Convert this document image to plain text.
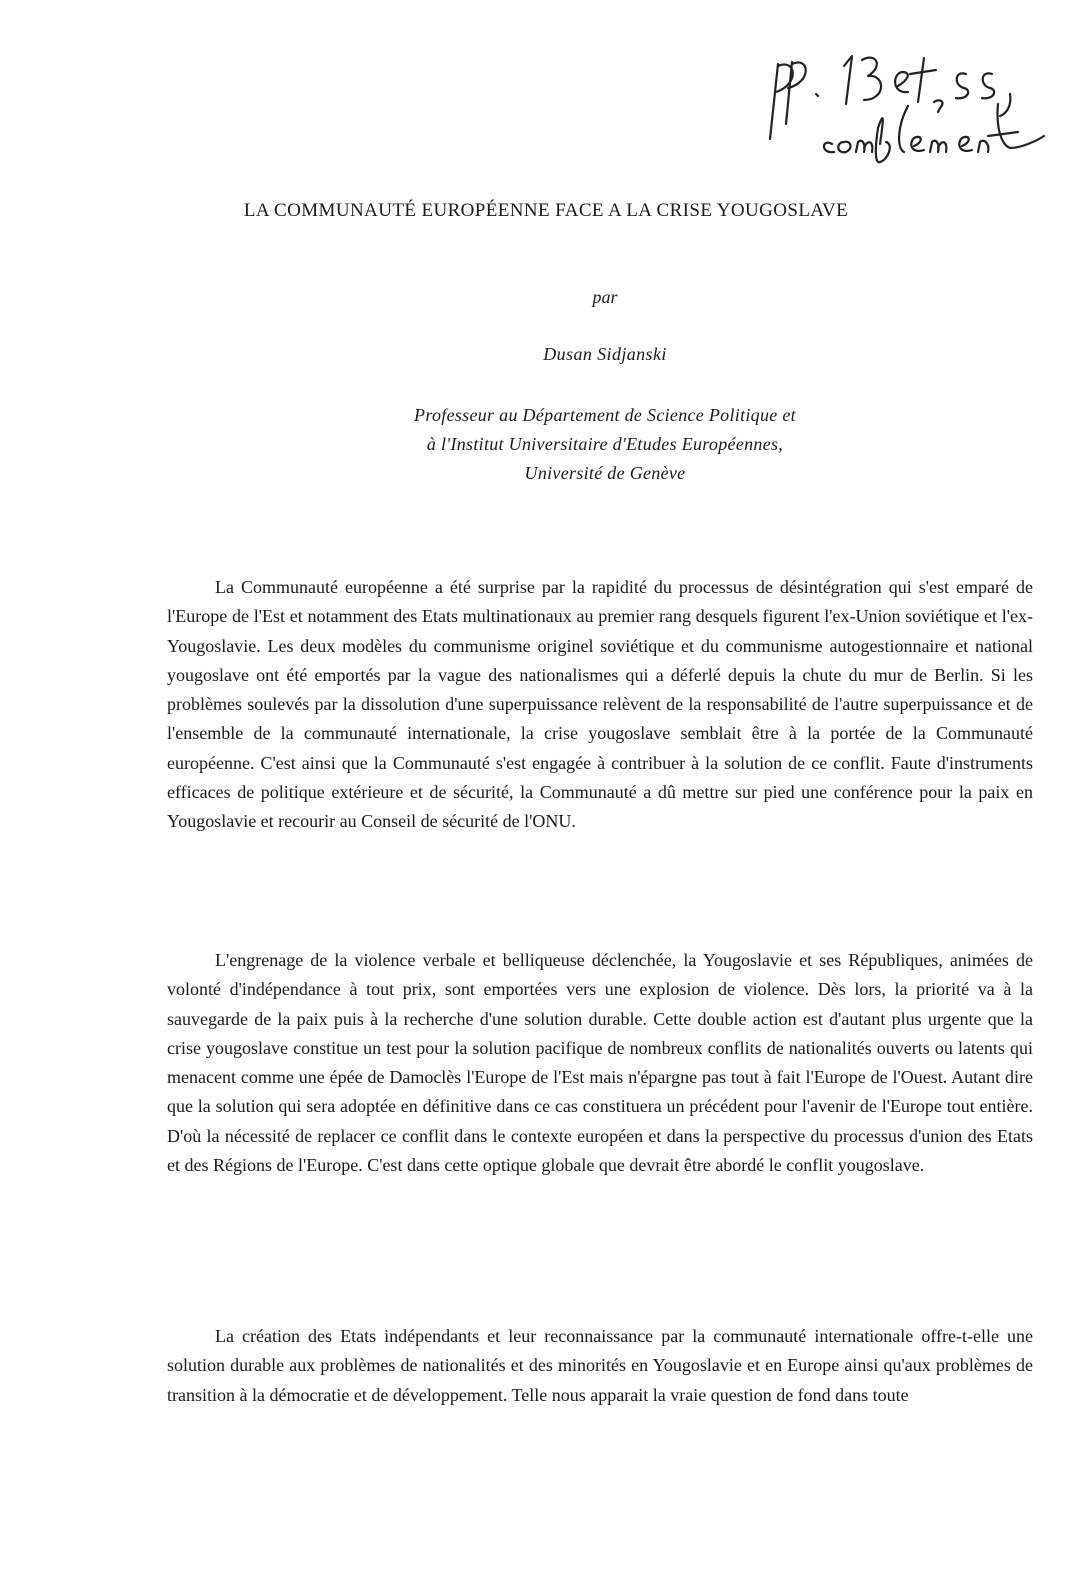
LA COMMUNAUTÉ EUROPÉENNE FACE A LA CRISE YOUGOSLAVE
par
Dusan Sidjanski
Professeur au Département de Science Politique et
à l'Institut Universitaire d'Etudes Européennes,
Université de Genève

La Communauté européenne a été surprise par la rapidité du processus de désintégration qui s'est emparé de l'Europe de l'Est et notamment des Etats multinationaux au premier rang desquels figurent l'ex-Union soviétique et l'ex-Yougoslavie. Les deux modèles du communisme originel soviétique et du communisme autogestionnaire et national yougoslave ont été emportés par la vague des nationalismes qui a déferlé depuis la chute du mur de Berlin. Si les problèmes soulevés par la dissolution d'une superpuissance relèvent de la responsabilité de l'autre superpuissance et de l'ensemble de la communauté internationale, la crise yougoslave semblait être à la portée de la Communauté européenne. C'est ainsi que la Communauté s'est engagée à contribuer à la solution de ce conflit. Faute d'instruments efficaces de politique extérieure et de sécurité, la Communauté a dû mettre sur pied une conférence pour la paix en Yougoslavie et recourir au Conseil de sécurité de l'ONU.

L'engrenage de la violence verbale et belliqueuse déclenchée, la Yougoslavie et ses Républiques, animées de volonté d'indépendance à tout prix, sont emportées vers une explosion de violence. Dès lors, la priorité va à la sauvegarde de la paix puis à la recherche d'une solution durable. Cette double action est d'autant plus urgente que la crise yougoslave constitue un test pour la solution pacifique de nombreux conflits de nationalités ouverts ou latents qui menacent comme une épée de Damoclès l'Europe de l'Est mais n'épargne pas tout à fait l'Europe de l'Ouest. Autant dire que la solution qui sera adoptée en définitive dans ce cas constituera un précédent pour l'avenir de l'Europe tout entière. D'où la nécessité de replacer ce conflit dans le contexte européen et dans la perspective du processus d'union des Etats et des Régions de l'Europe. C'est dans cette optique globale que devrait être abordé le conflit yougoslave.

La création des Etats indépendants et leur reconnaissance par la communauté internationale offre-t-elle une solution durable aux problèmes de nationalités et des minorités en Yougoslavie et en Europe ainsi qu'aux problèmes de transition à la démocratie et de développement. Telle nous apparait la vraie question de fond dans toute
